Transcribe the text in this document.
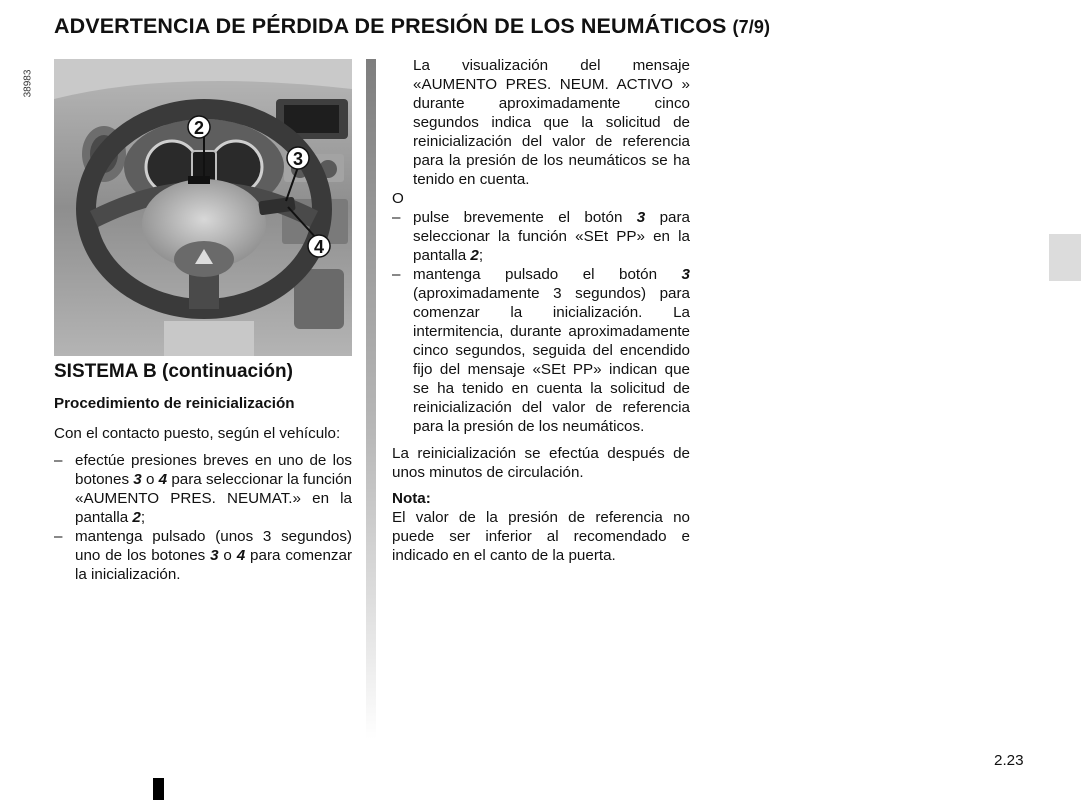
ADVERTENCIA DE PÉRDIDA DE PRESIÓN DE LOS NEUMÁTICOS (7/9)
38983
2
3
4
SISTEMA B (continuación)
Procedimiento de reinicialización

Con el contacto puesto, según el vehículo:

– efectúe presiones breves en uno de los botones 3 o 4 para seleccionar la función «AUMENTO PRES. NEUMAT.» en la pantalla 2;
– mantenga pulsado (unos 3 segundos) uno de los botones 3 o 4 para comenzar la inicialización.

La visualización del mensaje «AUMENTO PRES. NEUM. ACTIVO » durante aproximadamente cinco segundos indica que la solicitud de reinicialización del valor de referencia para la presión de los neumáticos se ha tenido en cuenta.

O

– pulse brevemente el botón 3 para seleccionar la función «SEt PP» en la pantalla 2;
– mantenga pulsado el botón 3 (aproximadamente 3 segundos) para comenzar la inicialización. La intermitencia, durante aproximadamente cinco segundos, seguida del encendido fijo del mensaje «SEt PP» indican que se ha tenido en cuenta la solicitud de reinicialización del valor de referencia para la presión de los neumáticos.

La reinicialización se efectúa después de unos minutos de circulación.

Nota:

El valor de la presión de referencia no puede ser inferior al recomendado e indicado en el canto de la puerta.

2.23
